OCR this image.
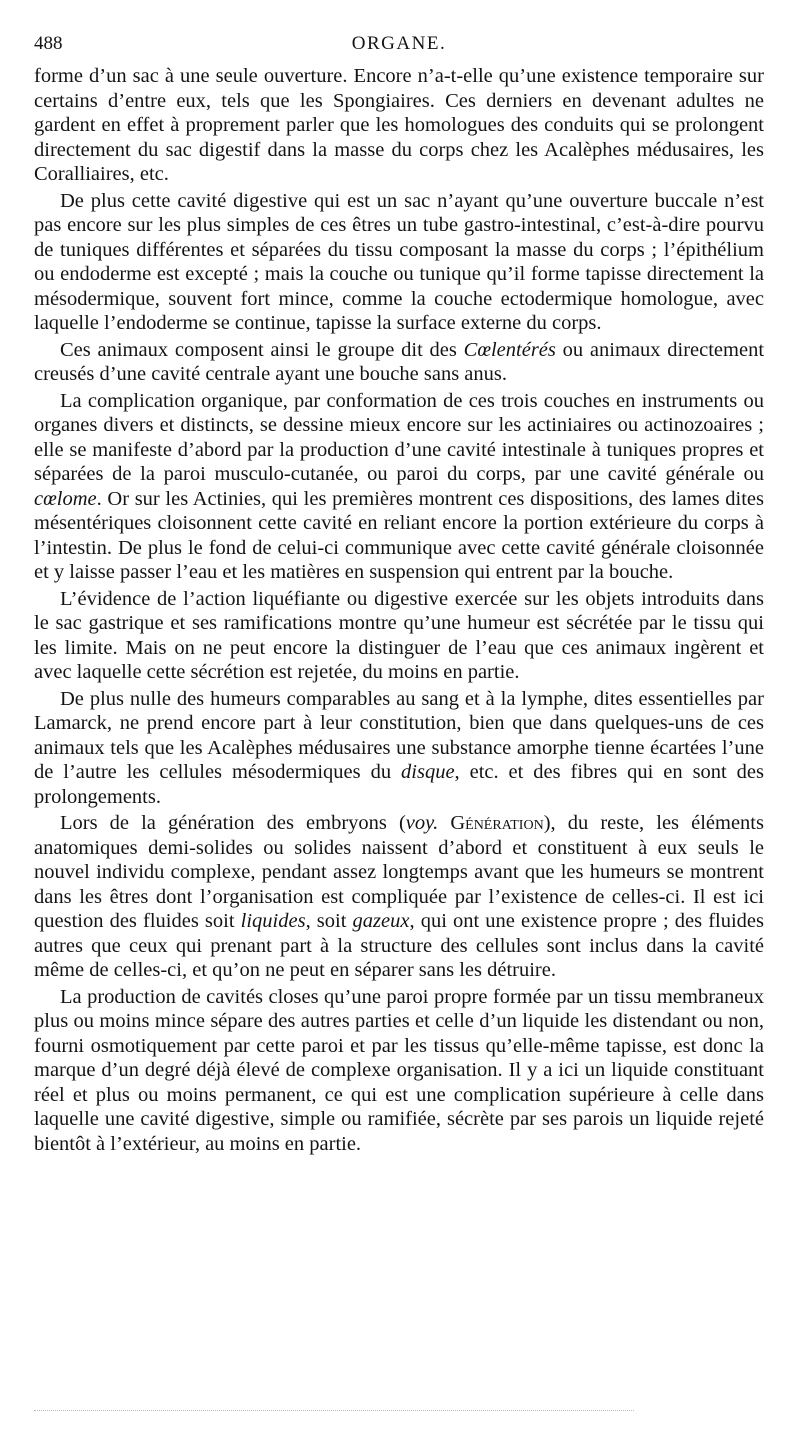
488	ORGANE.

forme d’un sac à une seule ouverture. Encore n’a-t-elle qu’une existence temporaire sur certains d’entre eux, tels que les Spongiaires. Ces derniers en devenant adultes ne gardent en effet à proprement parler que les homologues des conduits qui se prolongent directement du sac digestif dans la masse du corps chez les Acalèphes médusaires, les Coralliaires, etc.

De plus cette cavité digestive qui est un sac n’ayant qu’une ouverture buccale n’est pas encore sur les plus simples de ces êtres un tube gastro-intestinal, c’est-à-dire pourvu de tuniques différentes et séparées du tissu composant la masse du corps ; l’épithélium ou endoderme est excepté ; mais la couche ou tunique qu’il forme tapisse directement la mésodermique, souvent fort mince, comme la couche ectodermique homologue, avec laquelle l’endoderme se continue, tapisse la surface externe du corps.

Ces animaux composent ainsi le groupe dit des Cœlentérés ou animaux directement creusés d’une cavité centrale ayant une bouche sans anus.

La complication organique, par conformation de ces trois couches en instruments ou organes divers et distincts, se dessine mieux encore sur les actiniaires ou actinozoaires ; elle se manifeste d’abord par la production d’une cavité intestinale à tuniques propres et séparées de la paroi musculo-cutanée, ou paroi du corps, par une cavité générale ou cœlome. Or sur les Actinies, qui les premières montrent ces dispositions, des lames dites mésentériques cloisonnent cette cavité en reliant encore la portion extérieure du corps à l’intestin. De plus le fond de celui-ci communique avec cette cavité générale cloisonnée et y laisse passer l’eau et les matières en suspension qui entrent par la bouche.

L’évidence de l’action liquéfiante ou digestive exercée sur les objets introduits dans le sac gastrique et ses ramifications montre qu’une humeur est sécrétée par le tissu qui les limite. Mais on ne peut encore la distinguer de l’eau que ces animaux ingèrent et avec laquelle cette sécrétion est rejetée, du moins en partie.

De plus nulle des humeurs comparables au sang et à la lymphe, dites essentielles par Lamarck, ne prend encore part à leur constitution, bien que dans quelques-uns de ces animaux tels que les Acalèphes médusaires une substance amorphe tienne écartées l’une de l’autre les cellules mésodermiques du disque, etc. et des fibres qui en sont des prolongements.

Lors de la génération des embryons (voy. Génération), du reste, les éléments anatomiques demi-solides ou solides naissent d’abord et constituent à eux seuls le nouvel individu complexe, pendant assez longtemps avant que les humeurs se montrent dans les êtres dont l’organisation est compliquée par l’existence de celles-ci. Il est ici question des fluides soit liquides, soit gazeux, qui ont une existence propre ; des fluides autres que ceux qui prenant part à la structure des cellules sont inclus dans la cavité même de celles-ci, et qu’on ne peut en séparer sans les détruire.

La production de cavités closes qu’une paroi propre formée par un tissu membraneux plus ou moins mince sépare des autres parties et celle d’un liquide les distendant ou non, fourni osmotiquement par cette paroi et par les tissus qu’elle-même tapisse, est donc la marque d’un degré déjà élevé de complexe organisation. Il y a ici un liquide constituant réel et plus ou moins permanent, ce qui est une complication supérieure à celle dans laquelle une cavité digestive, simple ou ramifiée, sécrète par ses parois un liquide rejeté bientôt à l’extérieur, au moins en partie.
